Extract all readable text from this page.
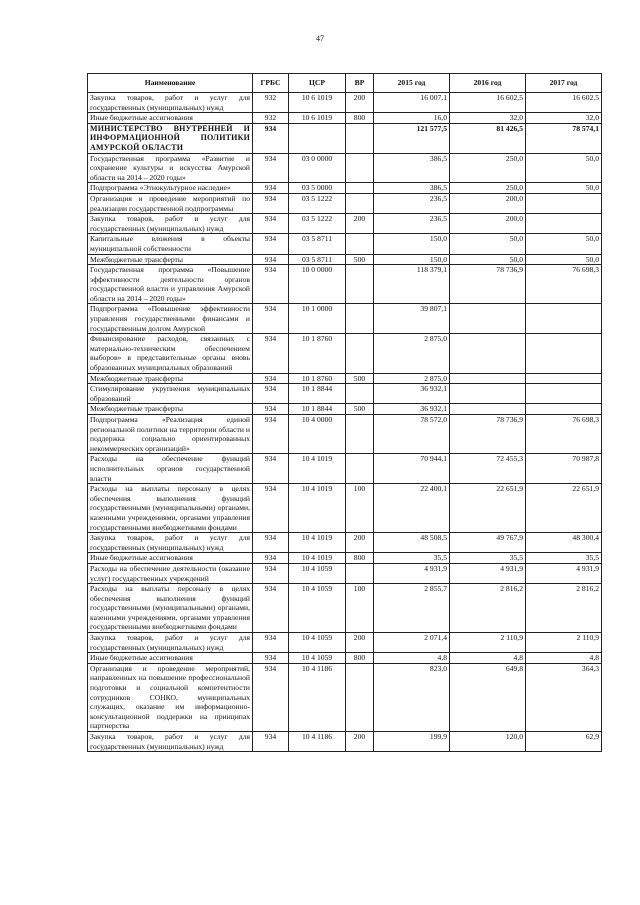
47
Наименование	ГРБС	ЦСР	ВР	2015 год	2016 год	2017 год
Закупка товаров, работ и услуг для государственных (муниципальных) нужд	932	10 6 1019	200	16 007,1	16 602,5	16 602,5
Иные бюджетные ассигнования	932	10 6 1019	800	16,0	32,0	32,0
МИНИСТЕРСТВО ВНУТРЕННЕЙ И ИНФОРМАЦИОННОЙ ПОЛИТИКИ АМУРСКОЙ ОБЛАСТИ	934			121 577,5	81 426,5	78 574,1
Государственная программа «Развитие и сохранение культуры и искусства Амурской области на 2014 – 2020 годы»	934	03 0 0000		386,5	250,0	50,0
Подпрограмма «Этнокультурное наследие»	934	03 5 0000		386,5	250,0	50,0
Организация и проведение мероприятий по реализации государственной подпрограммы	934	03 5 1222		236,5	200,0	
Закупка товаров, работ и услуг для государственных (муниципальных) нужд	934	03 5 1222	200	236,5	200,0	
Капитальные вложения в объекты муниципальной собственности	934	03 5 8711		150,0	50,0	50,0
Межбюджетные трансферты	934	03 5 8711	500	150,0	50,0	50,0
Государственная программа «Повышение эффективности деятельности органов государственной власти и управления Амурской области на 2014 – 2020 годы»	934	10 0 0000		118 379,1	78 736,9	76 698,3
Подпрограмма «Повышение эффективности управления государственными финансами и государственным долгом Амурской	934	10 1 0000		39 807,1		
Финансирование расходов, связанных с материально-техническим обеспечением выборов» в представительные органы вновь образованных муниципальных образований	934	10 1 8760		2 875,0		
Межбюджетные трансферты	934	10 1 8760	500	2 875,0		
Стимулирование укрупнения муниципальных образований	934	10 1 8844		36 932,1		
Межбюджетные трансферты	934	10 1 8844	500	36 932,1		
Подпрограмма «Реализация единой региональной политики на территории области и поддержка социально ориентированных некоммерческих организаций»	934	10 4 0000		78 572,0	78 736,9	76 698,3
Расходы на обеспечение функций исполнительных органов государственной власти	934	10 4 1019		70 944,1	72 455,3	70 987,8
Расходы на выплаты персоналу в целях обеспечения выполнения функций государственными (муниципальными) органами, казенными учреждениями, органами управления государственными внебюджетными фондами	934	10 4 1019	100	22 400,1	22 651,9	22 651,9
Закупка товаров, работ и услуг для государственных (муниципальных) нужд	934	10 4 1019	200	48 508,5	49 767,9	48 300,4
Иные бюджетные ассигнования	934	10 4 1019	800	35,5	35,5	35,5
Расходы на обеспечение деятельности (оказание услуг) государственных учреждений	934	10 4 1059		4 931,9	4 931,9	4 931,9
Расходы на выплаты персоналу в целях обеспечения выполнения функций государственными (муниципальными) органами, казенными учреждениями, органами управления государственными внебюджетными фондами	934	10 4 1059	100	2 855,7	2 816,2	2 816,2
Закупка товаров, работ и услуг для государственных (муниципальных) нужд	934	10 4 1059	200	2 071,4	2 110,9	2 110,9
Иные бюджетные ассигнования	934	10 4 1059	800	4,8	4,8	4,8
Организация и проведение мероприятий, направленных на повышение профессиональной подготовки и социальной компетентности сотрудников СОНКО, муниципальных служащих, оказание им информационно-консультационной поддержки на принципах партнерства	934	10 4 1186		823,0	649,8	364,3
Закупка товаров, работ и услуг для государственных (муниципальных) нужд	934	10 4 1186	200	199,9	120,0	62,9
